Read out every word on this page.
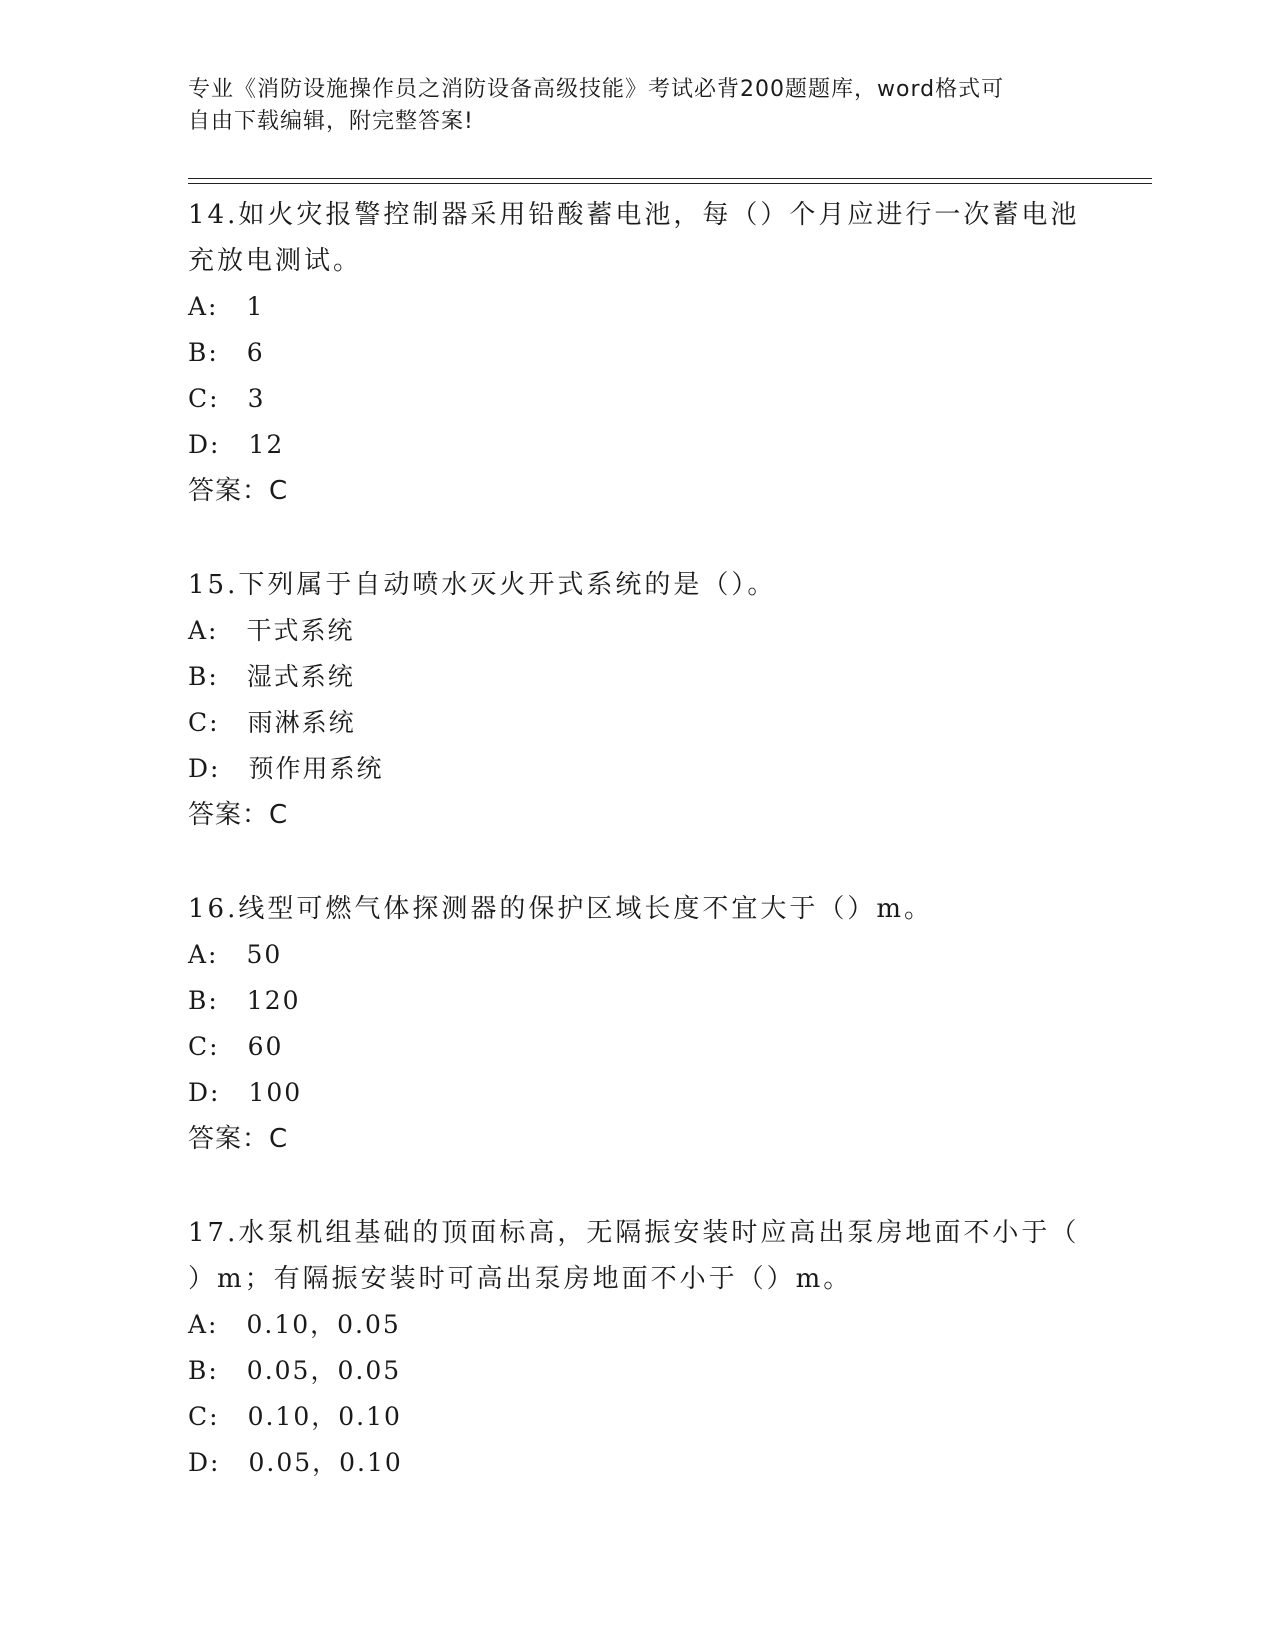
专业《消防设施操作员之消防设备高级技能》考试必背200题题库，word格式可
自由下载编辑，附完整答案!
14.如火灾报警控制器采用铅酸蓄电池，每（）个月应进行一次蓄电池
充放电测试。
A: 1
B: 6
C: 3
D: 12
答案：C
15.下列属于自动喷水灭火开式系统的是（）。
A: 干式系统
B: 湿式系统
C: 雨淋系统
D: 预作用系统
答案：C
16.线型可燃气体探测器的保护区域长度不宜大于（）m。
A: 50
B: 120
C: 60
D: 100
答案：C
17.水泵机组基础的顶面标高，无隔振安装时应高出泵房地面不小于（
）m；有隔振安装时可高出泵房地面不小于（）m。
A: 0.10，0.05
B: 0.05，0.05
C: 0.10，0.10
D: 0.05，0.10
